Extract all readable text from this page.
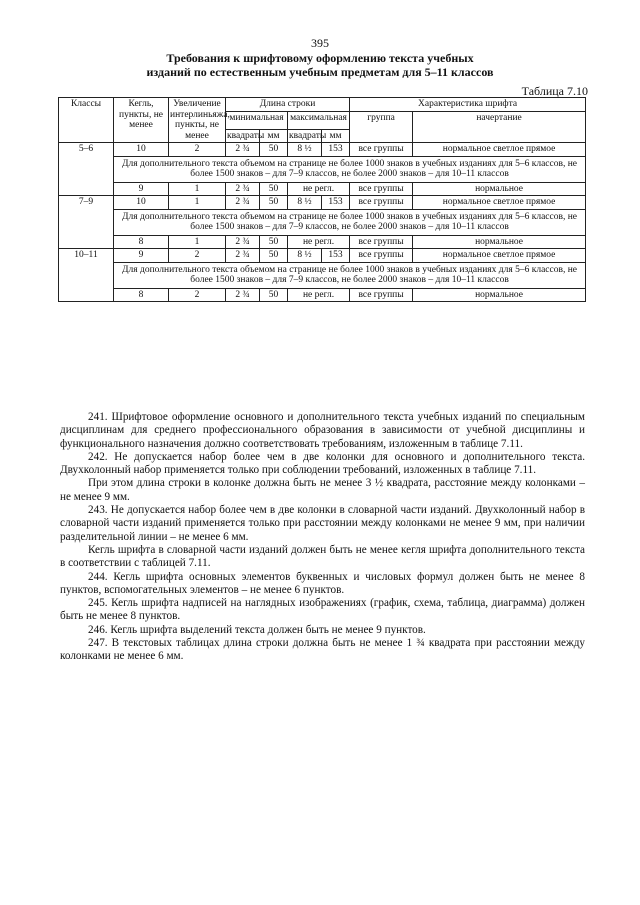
395
Требования к шрифтовому оформлению текста учебных
изданий по естественным учебным предметам для 5–11 классов
Таблица 7.10
Классы	Кегль, пункты, не менее	Увеличение интерлиньяжа, пункты, не менее	Длина строки				Характеристика шрифта	
			минимальная		максимальная		группа	начертание
			квадраты	мм	квадраты	мм		
5–6	10	2	2 ¾	50	8 ½	153	все группы	нормальное светлое прямое
	Для дополнительного текста объемом на странице не более 1000 знаков в учебных изданиях для 5–6 классов, не более 1500 знаков – для 7–9 классов, не более 2000 знаков – для 10–11 классов							
	9	1	2 ¾	50	не регл.		все группы	нормальное
7–9	10	1	2 ¾	50	8 ½	153	все группы	нормальное светлое прямое
	Для дополнительного текста объемом на странице не более 1000 знаков в учебных изданиях для 5–6 классов, не более 1500 знаков – для 7–9 классов, не более 2000 знаков – для 10–11 классов							
	8	1	2 ¾	50	не регл.		все группы	нормальное
10–11	9	2	2 ¾	50	8 ½	153	все группы	нормальное светлое прямое
	Для дополнительного текста объемом на странице не более 1000 знаков в учебных изданиях для 5–6 классов, не более 1500 знаков – для 7–9 классов, не более 2000 знаков – для 10–11 классов							
	8	2	2 ¾	50	не регл.		все группы	нормальное

241. Шрифтовое оформление основного и дополнительного текста учебных изданий по специальным дисциплинам для среднего профессионального образования в зависимости от учебной дисциплины и функционального назначения должно соответствовать требованиям, изложенным в таблице 7.11.

242. Не допускается набор более чем в две колонки для основного и дополнительного текста. Двухколонный набор применяется только при соблюдении требований, изложенных в таблице 7.11.

При этом длина строки в колонке должна быть не менее 3 ½ квадрата, расстояние между колонками – не менее 9 мм.

243. Не допускается набор более чем в две колонки в словарной части изданий. Двухколонный набор в словарной части изданий применяется только при расстоянии между колонками не менее 9 мм, при наличии разделительной линии – не менее 6 мм.

Кегль шрифта в словарной части изданий должен быть не менее кегля шрифта дополнительного текста в соответствии с таблицей 7.11.

244. Кегль шрифта основных элементов буквенных и числовых формул должен быть не менее 8 пунктов, вспомогательных элементов – не менее 6 пунктов.

245. Кегль шрифта надписей на наглядных изображениях (график, схема, таблица, диаграмма) должен быть не менее 8 пунктов.

246. Кегль шрифта выделений текста должен быть не менее 9 пунктов.

247. В текстовых таблицах длина строки должна быть не менее 1 ¾ квадрата при расстоянии между колонками не менее 6 мм.
